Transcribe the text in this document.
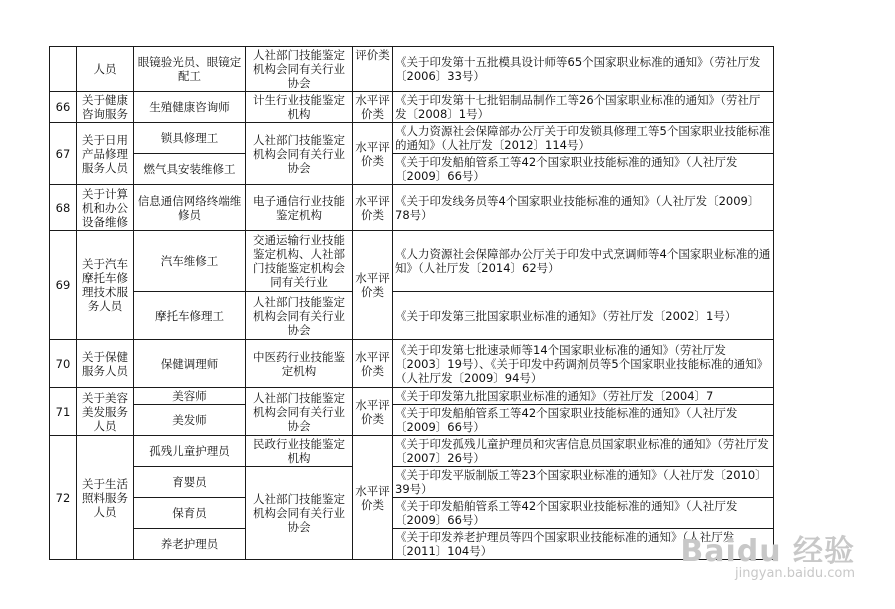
	人员	眼镜验光员、眼镜定配工	人社部门技能鉴定机构会同有关行业协会	评价类	《关于印发第十五批模具设计师等65个国家职业标准的通知》（劳社厅发〔2006〕33号）
66	关于健康咨询服务	生殖健康咨询师	计生行业技能鉴定机构	水平评价类	《关于印发第十七批铝制品制作工等26个国家职业标准的通知》（劳社厅发〔2008〕1号）
67	关于日用产品修理服务人员	锁具修理工	人社部门技能鉴定机构会同有关行业协会	水平评价类	《人力资源社会保障部办公厅关于印发锁具修理工等5个国家职业技能标准的通知》（人社厅发〔2012〕114号）
		燃气具安装维修工			《关于印发船舶管系工等42个国家职业技能标准的通知》（人社厅发〔2009〕66号）
68	关于计算机和办公设备维修	信息通信网络终端维修员	电子通信行业技能鉴定机构	水平评价类	《关于印发线务员等4个国家职业技能标准的通知》（人社厅发〔2009〕78号）
69	关于汽车摩托车修理技术服务人员	汽车维修工	交通运输行业技能鉴定机构、人社部门技能鉴定机构会同有关行业	水平评价类	《人力资源社会保障部办公厅关于印发中式烹调师等4个国家职业标准的通知》（人社厅发〔2014〕62号）
		摩托车修理工	人社部门技能鉴定机构会同有关行业协会		《关于印发第三批国家职业标准的通知》（劳社厅发〔2002〕1号）
70	关于保健服务人员	保健调理师	中医药行业技能鉴定机构	水平评价类	《关于印发第七批速录师等14个国家职业标准的通知》（劳社厅发〔2003〕19号）、《关于印发中药调剂员等5个国家职业技能标准的通知》（人社厅发〔2009〕94号）
71	关于美容美发服务人员	美容师	人社部门技能鉴定机构会同有关行业协会	水平评价类	《关于印发第九批国家职业标准的通知》（劳社厅发〔2004〕7
		美发师			《关于印发船舶管系工等42个国家职业技能标准的通知》（人社厅发〔2009〕66号）
72	关于生活照料服务人员	孤残儿童护理员	民政行业技能鉴定机构	水平评价类	《关于印发孤残儿童护理员和灾害信息员国家职业标准的通知》（劳社厅发〔2007〕26号）
		育婴员	人社部门技能鉴定机构会同有关行业协会		《关于印发平版制版工等23个国家职业标准的通知》（人社厅发〔2010〕39号）
		保育员			《关于印发船舶管系工等42个国家职业技能标准的通知》（人社厅发〔2009〕66号）
		养老护理员			《关于印发养老护理员等四个国家职业技能标准的通知》（人社厅发〔2011〕104号）	Baidu 经验
jingyan.baidu.com
